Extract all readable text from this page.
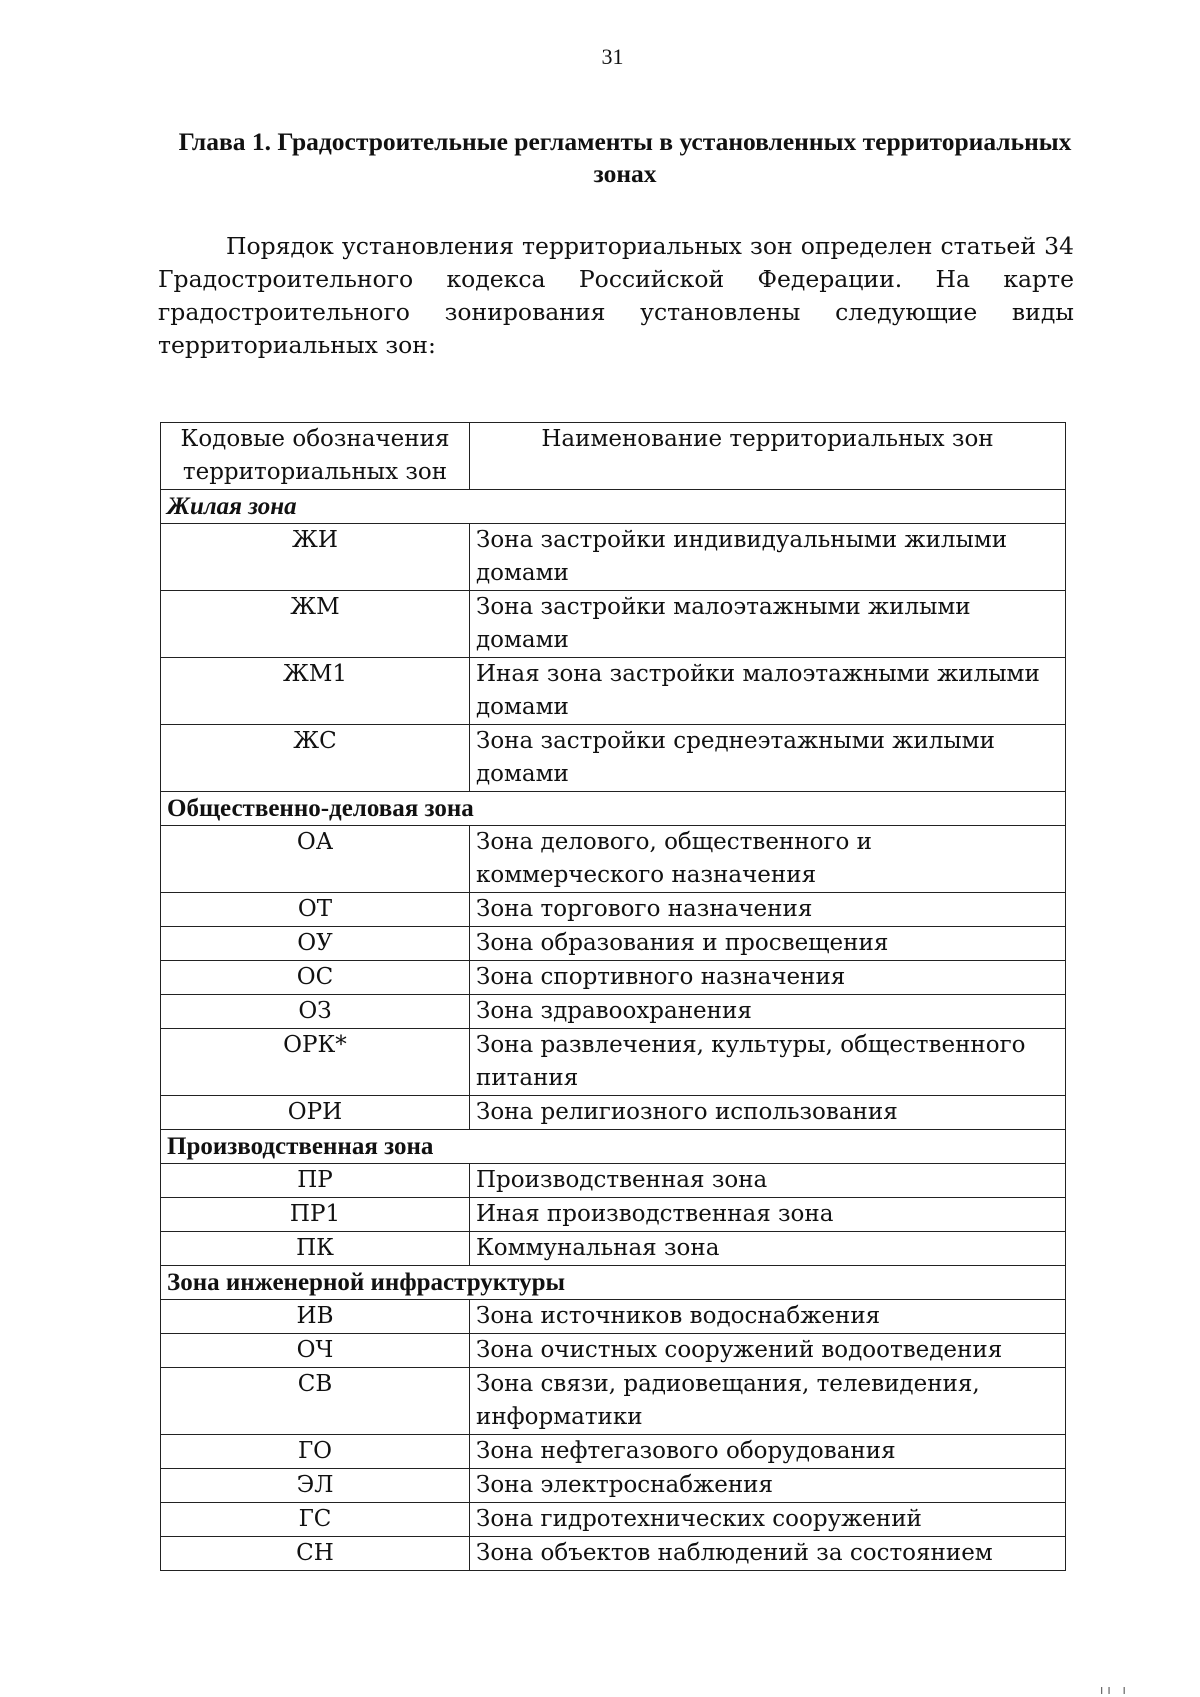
31
Глава 1. Градостроительные регламенты в установленных территориальных зонах
Порядок установления территориальных зон определен статьей 34 Градостроительного кодекса Российской Федерации. На карте градостроительного зонирования установлены следующие виды территориальных зон:
Кодовые обозначения территориальных зон	Наименование территориальных зон
Жилая зона	
ЖИ	Зона застройки индивидуальными жилыми домами
ЖМ	Зона застройки малоэтажными жилыми домами
ЖМ1	Иная зона застройки малоэтажными жилыми домами
ЖС	Зона застройки среднеэтажными жилыми домами
Общественно-деловая зона	
ОА	Зона делового, общественного и коммерческого назначения
ОТ	Зона торгового назначения
ОУ	Зона образования и просвещения
ОС	Зона спортивного назначения
ОЗ	Зона здравоохранения
ОРК*	Зона развлечения, культуры, общественного питания
ОРИ	Зона религиозного использования
Производственная зона	
ПР	Производственная зона
ПР1	Иная производственная зона
ПК	Коммунальная зона
Зона инженерной инфраструктуры	
ИВ	Зона источников водоснабжения
ОЧ	Зона очистных сооружений водоотведения
СВ	Зона связи, радиовещания, телевидения, информатики
ГО	Зона нефтегазового оборудования
ЭЛ	Зона электроснабжения
ГС	Зона гидротехнических сооружений
СН	Зона объектов наблюдений за состоянием
ıı ı
